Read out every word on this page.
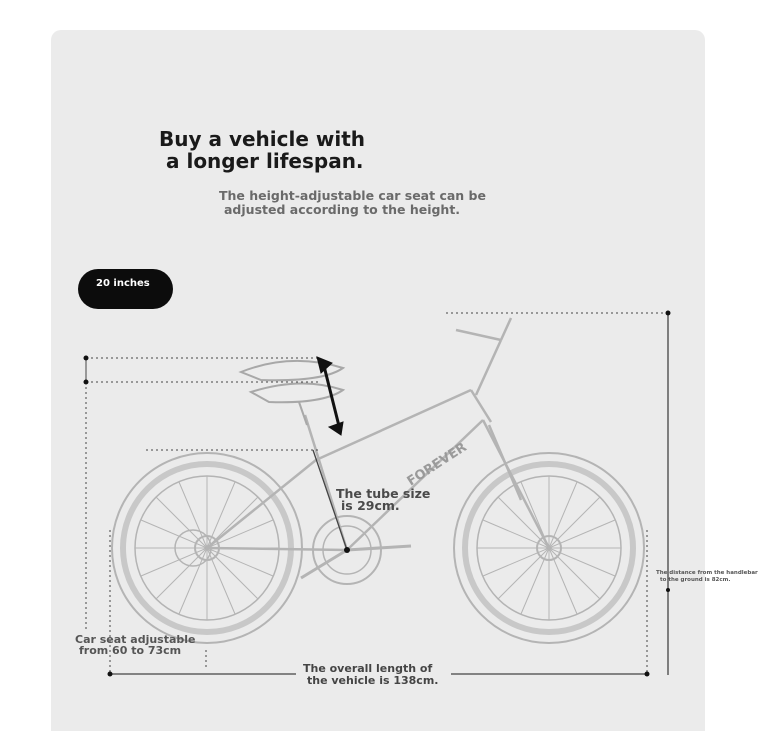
FOREVER
Buy a vehicle with
a longer lifespan.

The height-adjustable car seat can be
adjusted according to the height.

20 inches

The tube size
is 29cm.

Car seat adjustable
from 60 to 73cm

The overall length of
the vehicle is 138cm.

The distance from the handlebar
to the ground is 82cm.
